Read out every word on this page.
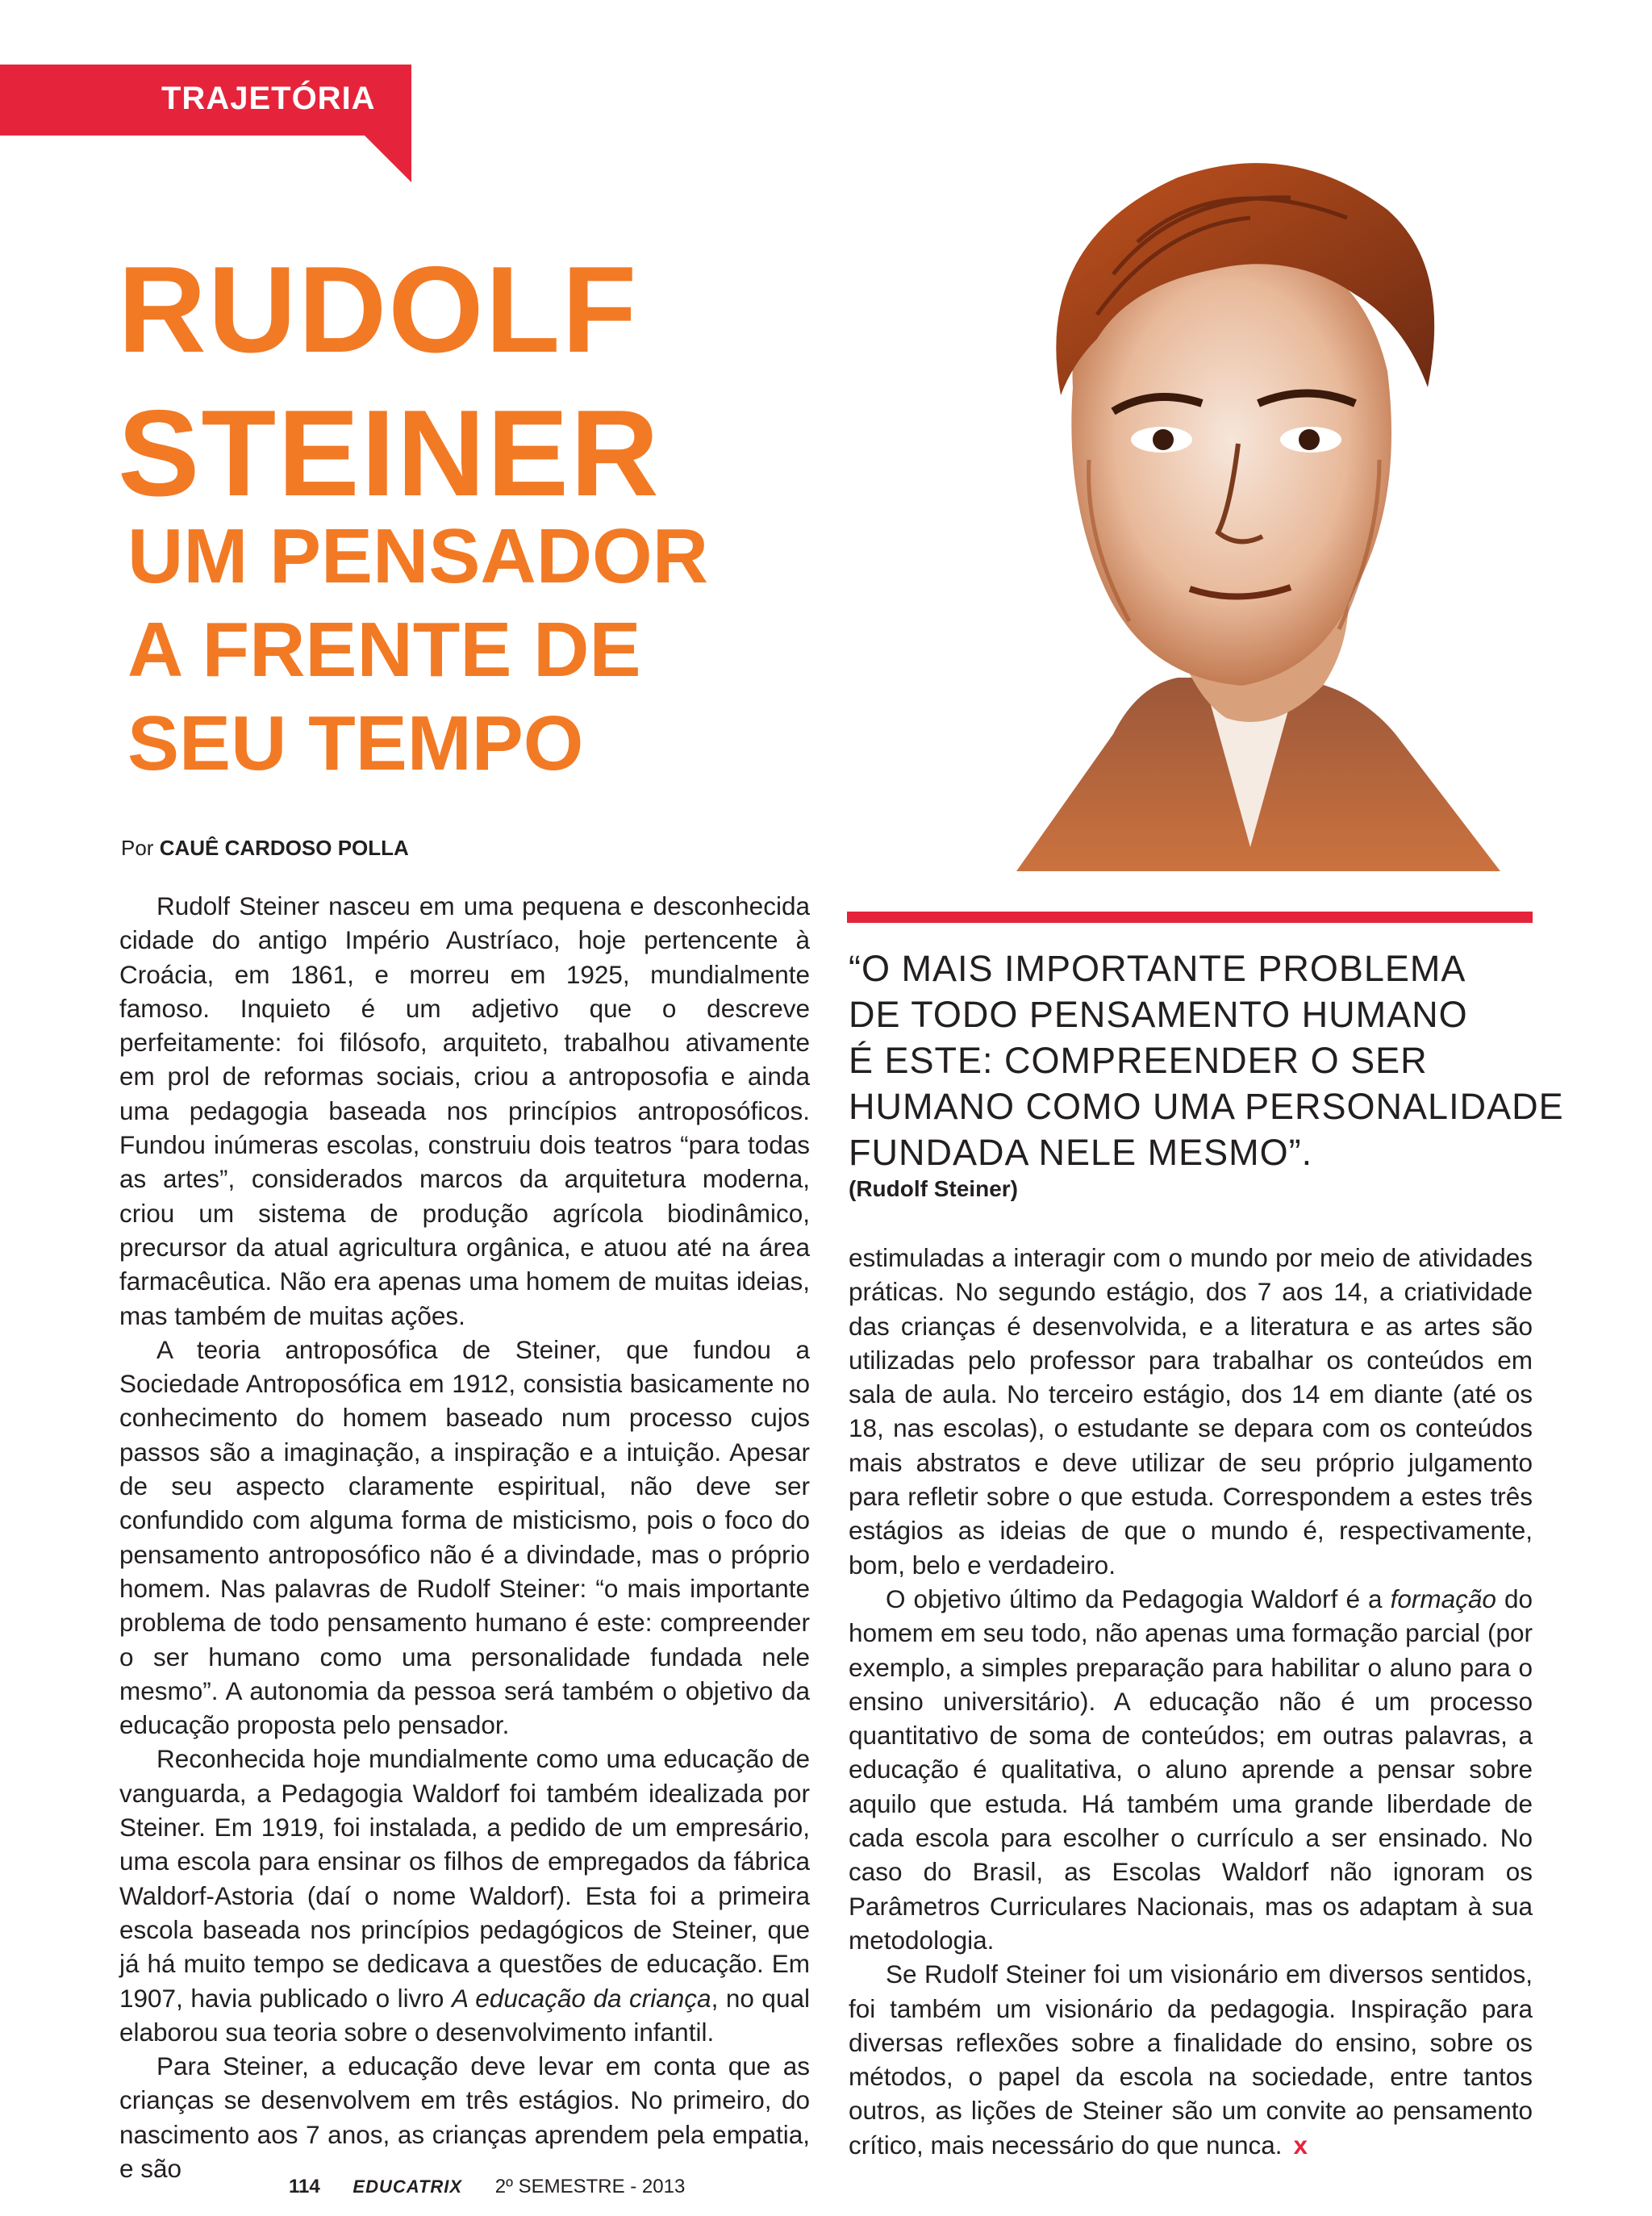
TRAJETÓRIA
RUDOLF
STEINER
UM PENSADOR
A FRENTE DE
SEU TEMPO
Por CAUÊ CARDOSO POLLA
“O MAIS IMPORTANTE PROBLEMA
DE TODO PENSAMENTO HUMANO
É ESTE: COMPREENDER O SER
HUMANO COMO UMA PERSONALIDADE
FUNDADA NELE MESMO”.
(Rudolf Steiner)

Rudolf Steiner nasceu em uma pequena e desconhecida cidade do antigo Império Austríaco, hoje pertencente à Croácia, em 1861, e morreu em 1925, mundialmente famoso. Inquieto é um adjetivo que o descreve perfeitamente: foi filósofo, arquiteto, trabalhou ativamente em prol de reformas sociais, criou a antroposofia e ainda uma pedagogia baseada nos princípios antroposóficos. Fundou inúmeras escolas, construiu dois teatros “para todas as artes”, considerados marcos da arquitetura moderna, criou um sistema de produção agrícola biodinâmico, precursor da atual agricultura orgânica, e atuou até na área farmacêutica. Não era apenas uma homem de muitas ideias, mas também de muitas ações.

A teoria antroposófica de Steiner, que fundou a Sociedade Antroposófica em 1912, consistia basicamente no conhecimento do homem baseado num processo cujos passos são a imaginação, a inspiração e a intuição. Apesar de seu aspecto claramente espiritual, não deve ser confundido com alguma forma de misticismo, pois o foco do pensamento antroposófico não é a divindade, mas o próprio homem. Nas palavras de Rudolf Steiner: “o mais importante problema de todo pensamento humano é este: compreender o ser humano como uma personalidade fundada nele mesmo”. A autonomia da pessoa será também o objetivo da educação proposta pelo pensador.

Reconhecida hoje mundialmente como uma educação de vanguarda, a Pedagogia Waldorf foi também idealizada por Steiner. Em 1919, foi instalada, a pedido de um empresário, uma escola para ensinar os filhos de empregados da fábrica Waldorf-Astoria (daí o nome Waldorf). Esta foi a primeira escola baseada nos princípios pedagógicos de Steiner, que já há muito tempo se dedicava a questões de educação. Em 1907, havia publicado o livro A educação da criança, no qual elaborou sua teoria sobre o desenvolvimento infantil.

Para Steiner, a educação deve levar em conta que as crianças se desenvolvem em três estágios. No primeiro, do nascimento aos 7 anos, as crianças aprendem pela empatia, e são

estimuladas a interagir com o mundo por meio de atividades práticas. No segundo estágio, dos 7 aos 14, a criatividade das crianças é desenvolvida, e a literatura e as artes são utilizadas pelo professor para trabalhar os conteúdos em sala de aula. No terceiro estágio, dos 14 em diante (até os 18, nas escolas), o estudante se depara com os conteúdos mais abstratos e deve utilizar de seu próprio julgamento para refletir sobre o que estuda. Correspondem a estes três estágios as ideias de que o mundo é, respectivamente, bom, belo e verdadeiro.

O objetivo último da Pedagogia Waldorf é a formação do homem em seu todo, não apenas uma formação parcial (por exemplo, a simples preparação para habilitar o aluno para o ensino universitário). A educação não é um processo quantitativo de soma de conteúdos; em outras palavras, a educação é qualitativa, o aluno aprende a pensar sobre aquilo que estuda. Há também uma grande liberdade de cada escola para escolher o currículo a ser ensinado. No caso do Brasil, as Escolas Waldorf não ignoram os Parâmetros Curriculares Nacionais, mas os adaptam à sua metodologia.

Se Rudolf Steiner foi um visionário em diversos sentidos, foi também um visionário da pedagogia. Inspiração para diversas reflexões sobre a finalidade do ensino, sobre os métodos, o papel da escola na sociedade, entre tantos outros, as lições de Steiner são um convite ao pensamento crítico, mais necessário do que nunca. x

114 EDUCATRIX 2º SEMESTRE - 2013
